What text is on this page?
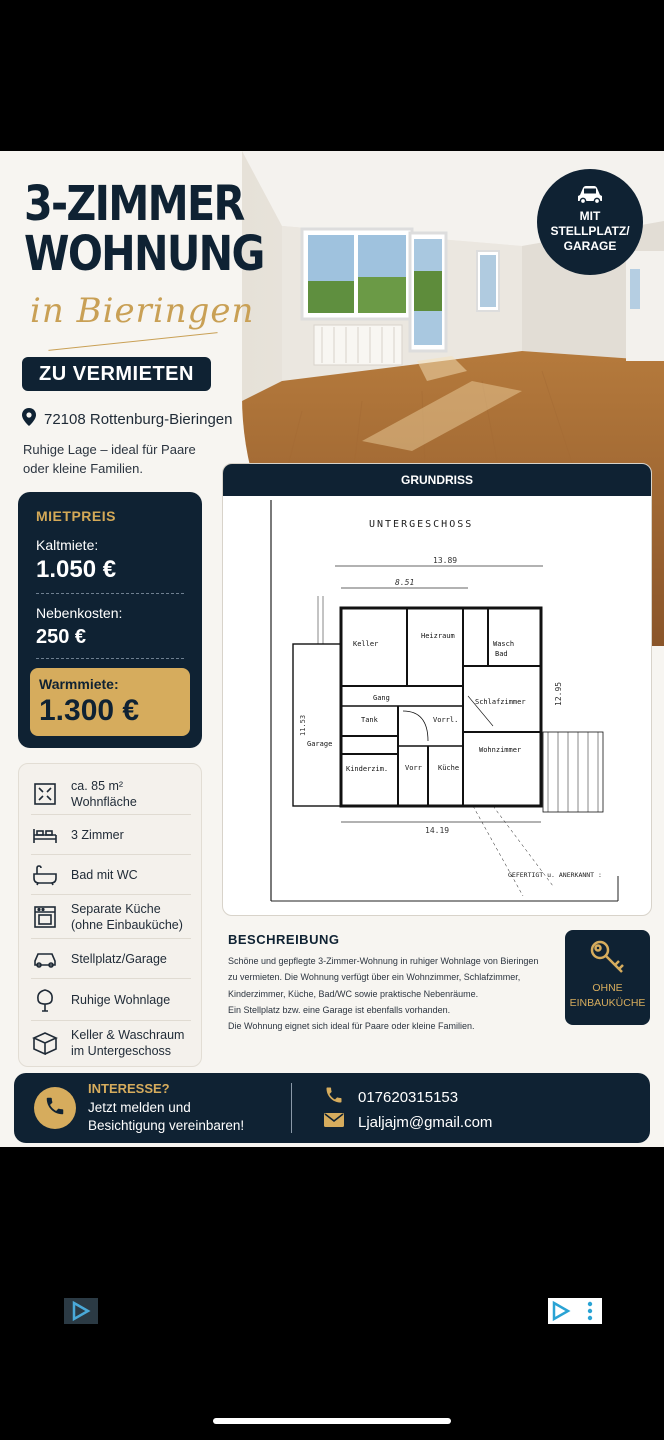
MIT
STELLPLATZ/
GARAGE
3-ZIMMER
WOHNUNG
in Bieringen
ZU VERMIETEN
72108 Rottenburg-Bieringen
Ruhige Lage – ideal für Paare oder kleine Familien.
MIETPREIS
Kaltmiete:
1.050 €
Nebenkosten:
250 €
Warmmiete:
1.300 €
ca. 85 m²
Wohnfläche
3 Zimmer
Bad mit WC
Separate Küche
(ohne Einbauküche)
Stellplatz/Garage
Ruhige Wohnlage
Keller & Waschraum
im Untergeschoss
GRUNDRISS
UNTERGESCHOSS
13.89
8.51
14.19
12.95
11.53
Keller
Heizraum
Wasch
Bad
Gang
Tank	Vorrl.
Schlafzimmer
Garage
Kinderzim. Vorr Küche
Wohnzimmer
GEFERTIGT u. ANERKANNT :
BESCHREIBUNG
Schöne und gepflegte 3-Zimmer-Wohnung in ruhiger Wohnlage von Bieringen
zu vermieten. Die Wohnung verfügt über ein Wohnzimmer, Schlafzimmer,
Kinderzimmer, Küche, Bad/WC sowie praktische Nebenräume.
Ein Stellplatz bzw. eine Garage ist ebenfalls vorhanden.
Die Wohnung eignet sich ideal für Paare oder kleine Familien.
OHNE
EINBAUKÜCHE
INTERESSE?
Jetzt melden und
Besichtigung vereinbaren!
017620315153
Ljaljajm@gmail.com
